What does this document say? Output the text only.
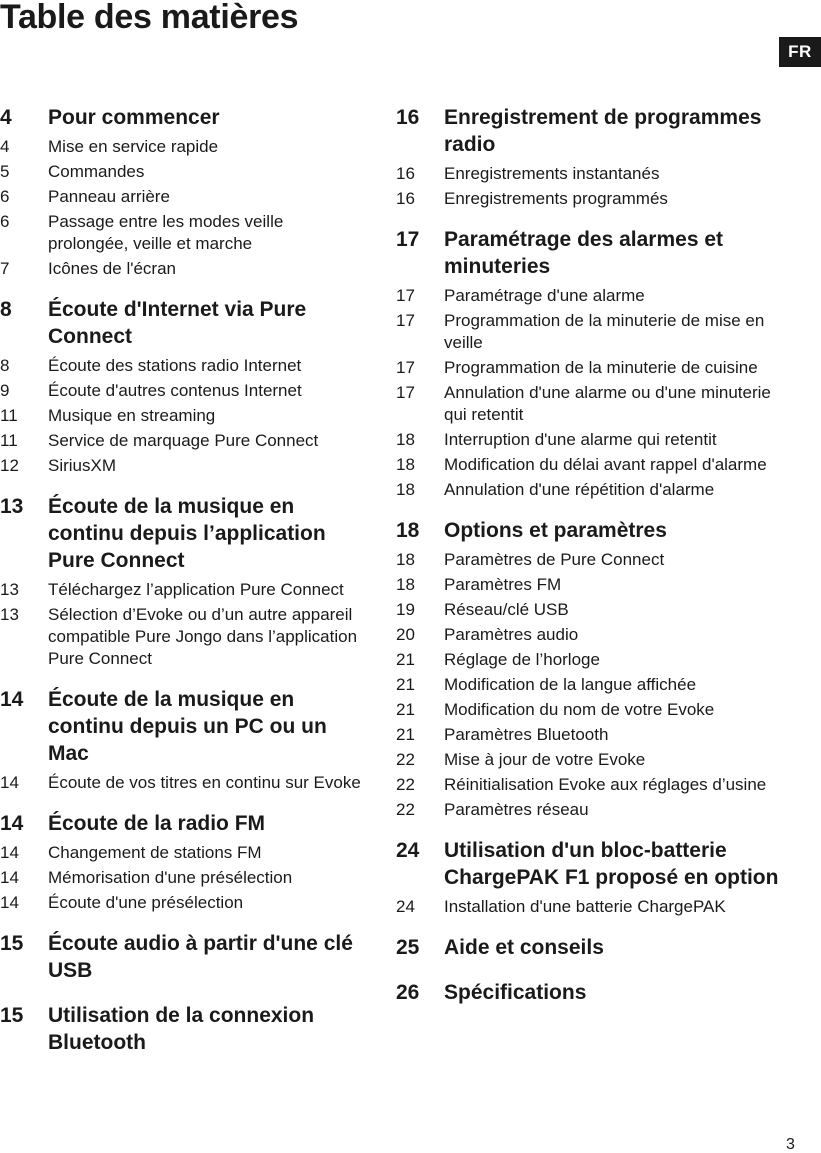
Table des matières
FR
4	Pour commencer
4	Mise en service rapide
5	Commandes
6	Panneau arrière
6	Passage entre les modes veille prolongée, veille et marche
7	Icônes de l'écran
8	Écoute d'Internet via Pure Connect
8	Écoute des stations radio Internet
9	Écoute d'autres contenus Internet
11	Musique en streaming
11	Service de marquage Pure Connect
12	SiriusXM
13	Écoute de la musique en continu depuis l’application Pure Connect
13	Téléchargez l’application Pure Connect
13	Sélection d’Evoke ou d’un autre appareil compatible Pure Jongo dans l’application Pure Connect
14	Écoute de la musique en continu depuis un PC ou un Mac
14	Écoute de vos titres en continu sur Evoke
14	Écoute de la radio FM
14	Changement de stations FM
14	Mémorisation d'une présélection
14	Écoute d'une présélection
15	Écoute audio à partir d'une clé USB
15	Utilisation de la connexion Bluetooth
16	Enregistrement de programmes radio
16	Enregistrements instantanés
16	Enregistrements programmés
17	Paramétrage des alarmes et minuteries
17	Paramétrage d'une alarme
17	Programmation de la minuterie de mise en veille
17	Programmation de la minuterie de cuisine
17	Annulation d'une alarme ou d'une minuterie qui retentit
18	Interruption d'une alarme qui retentit
18	Modification du délai avant rappel d'alarme
18	Annulation d'une répétition d'alarme
18	Options et paramètres
18	Paramètres de Pure Connect
18	Paramètres FM
19	Réseau/clé USB
20	Paramètres audio
21	Réglage de l’horloge
21	Modification de la langue affichée
21	Modification du nom de votre Evoke
21	Paramètres Bluetooth
22	Mise à jour de votre Evoke
22	Réinitialisation Evoke aux réglages d’usine
22	Paramètres réseau
24	Utilisation d'un bloc-batterie ChargePAK F1 proposé en option
24	Installation d'une batterie ChargePAK
25	Aide et conseils
26	Spécifications
3
